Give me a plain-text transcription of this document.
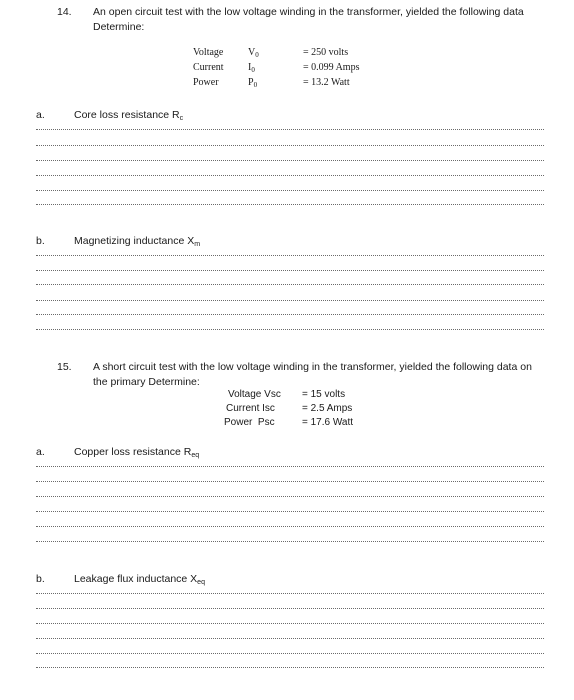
14. An open circuit test with the low voltage winding in the transformer, yielded the following data
Determine:
Voltage $V_0$	= 250 volts
Current $I_0$	= 0.099 Amps
Power	$P_0$	= 13.2 Watt
a.	Core loss resistance $R_c$
b.	Magnetizing inductance $X_m$
15. A short circuit test with the low voltage winding in the transformer, yielded the following data on
the primary Determine:
Voltage Vsc = 15 volts
Current Isc	= 2.5 Amps
Power  Psc	= 17.6 Watt
a.	Copper loss resistance $R_{eq}$
b.	Leakage flux inductance $X_{eq}$
